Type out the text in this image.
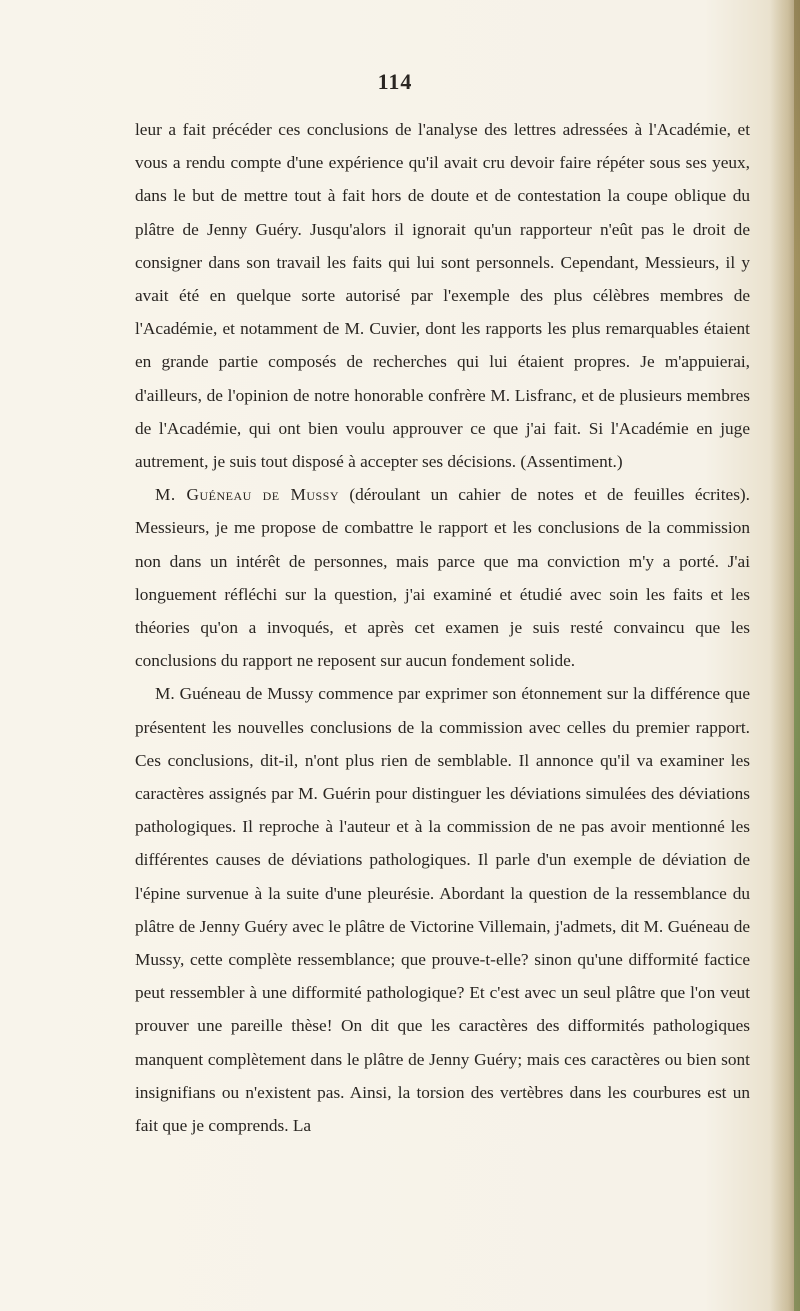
114

leur a fait précéder ces conclusions de l'analyse des lettres adressées à l'Académie, et vous a rendu compte d'une expérience qu'il avait cru devoir faire répéter sous ses yeux, dans le but de mettre tout à fait hors de doute et de contestation la coupe oblique du plâtre de Jenny Guéry. Jusqu'alors il ignorait qu'un rapporteur n'eût pas le droit de consigner dans son travail les faits qui lui sont personnels. Cependant, Messieurs, il y avait été en quelque sorte autorisé par l'exemple des plus célèbres membres de l'Académie, et notamment de M. Cuvier, dont les rapports les plus remarquables étaient en grande partie composés de recherches qui lui étaient propres. Je m'appuierai, d'ailleurs, de l'opinion de notre honorable confrère M. Lisfranc, et de plusieurs membres de l'Académie, qui ont bien voulu approuver ce que j'ai fait. Si l'Académie en juge autrement, je suis tout disposé à accepter ses décisions. (Assentiment.)

M. Guéneau de Mussy (déroulant un cahier de notes et de feuilles écrites). Messieurs, je me propose de combattre le rapport et les conclusions de la commission non dans un intérêt de personnes, mais parce que ma conviction m'y a porté. J'ai longuement réfléchi sur la question, j'ai examiné et étudié avec soin les faits et les théories qu'on a invoqués, et après cet examen je suis resté convaincu que les conclusions du rapport ne reposent sur aucun fondement solide.

M. Guéneau de Mussy commence par exprimer son étonnement sur la différence que présentent les nouvelles conclusions de la commission avec celles du premier rapport. Ces conclusions, dit-il, n'ont plus rien de semblable. Il annonce qu'il va examiner les caractères assignés par M. Guérin pour distinguer les déviations simulées des déviations pathologiques. Il reproche à l'auteur et à la commission de ne pas avoir mentionné les différentes causes de déviations pathologiques. Il parle d'un exemple de déviation de l'épine survenue à la suite d'une pleurésie. Abordant la question de la ressemblance du plâtre de Jenny Guéry avec le plâtre de Victorine Villemain, j'admets, dit M. Guéneau de Mussy, cette complète ressemblance; que prouve-t-elle? sinon qu'une difformité factice peut ressembler à une difformité pathologique? Et c'est avec un seul plâtre que l'on veut prouver une pareille thèse! On dit que les caractères des difformités pathologiques manquent complètement dans le plâtre de Jenny Guéry; mais ces caractères ou bien sont insignifians ou n'existent pas. Ainsi, la torsion des vertèbres dans les courbures est un fait que je comprends. La
